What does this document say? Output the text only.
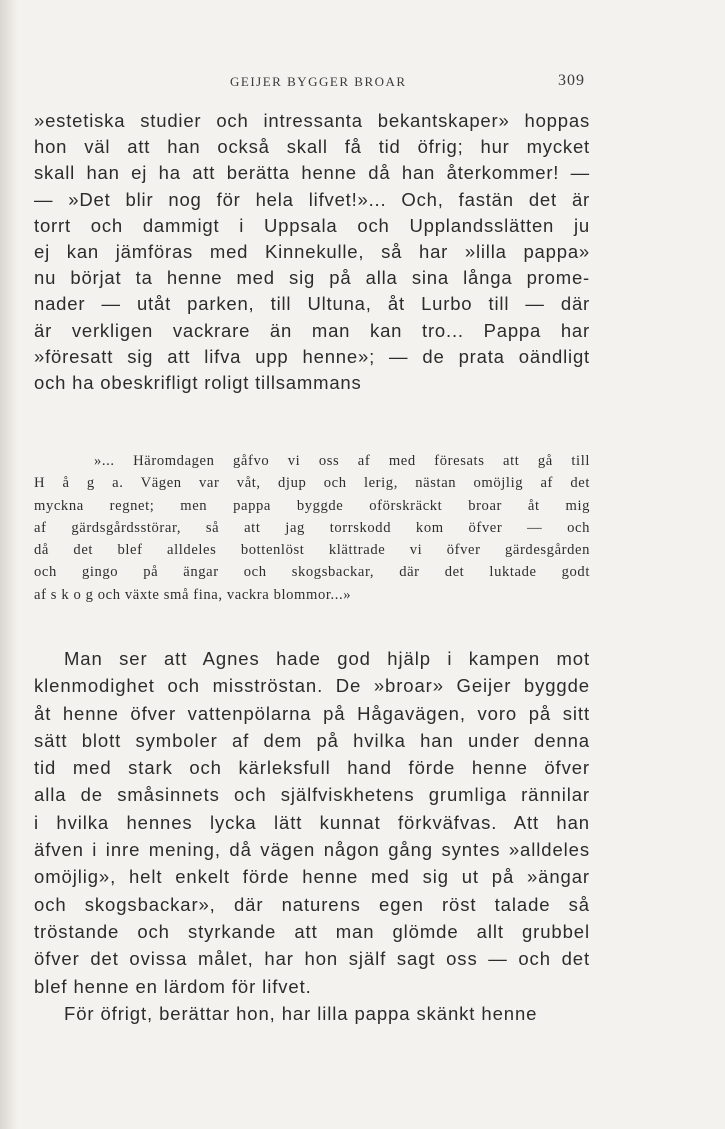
GEIJER BYGGER BROAR	309
»estetiska studier och intressanta bekantskaper» hoppas
hon väl att han också skall få tid öfrig; hur mycket
skall han ej ha att berätta henne då han återkommer! —
— »Det blir nog för hela lifvet!»... Och, fastän det är
torrt och dammigt i Uppsala och Upplandsslätten ju
ej kan jämföras med Kinnekulle, så har »lilla pappa»
nu börjat ta henne med sig på alla sina långa prome-
nader — utåt parken, till Ultuna, åt Lurbo till — där
är verkligen vackrare än man kan tro... Pappa har
»föresatt sig att lifva upp henne»; — de prata oändligt
och ha obeskrifligt roligt tillsammans
»... Häromdagen gåfvo vi oss af med föresats att gå till
H å g a. Vägen var våt, djup och lerig, nästan omöjlig af det
myckna regnet; men pappa byggde oförskräckt broar åt mig
af gärdsgårdsstörar, så att jag torrskodd kom öfver — och
då det blef alldeles bottenlöst klättrade vi öfver gärdesgården
och gingo på ängar och skogsbackar, där det luktade godt
af s k o g och växte små fina, vackra blommor...»
Man ser att Agnes hade god hjälp i kampen mot
klenmodighet och misströstan. De »broar» Geijer byggde
åt henne öfver vattenpölarna på Hågavägen, voro på sitt
sätt blott symboler af dem på hvilka han under denna
tid med stark och kärleksfull hand förde henne öfver
alla de småsinnets och själfviskhetens grumliga rännilar
i hvilka hennes lycka lätt kunnat förkväfvas. Att han
äfven i inre mening, då vägen någon gång syntes »alldeles
omöjlig», helt enkelt förde henne med sig ut på »ängar
och skogsbackar», där naturens egen röst talade så
tröstande och styrkande att man glömde allt grubbel
öfver det ovissa målet, har hon själf sagt oss — och det
blef henne en lärdom för lifvet.
För öfrigt, berättar hon, har lilla pappa skänkt henne
